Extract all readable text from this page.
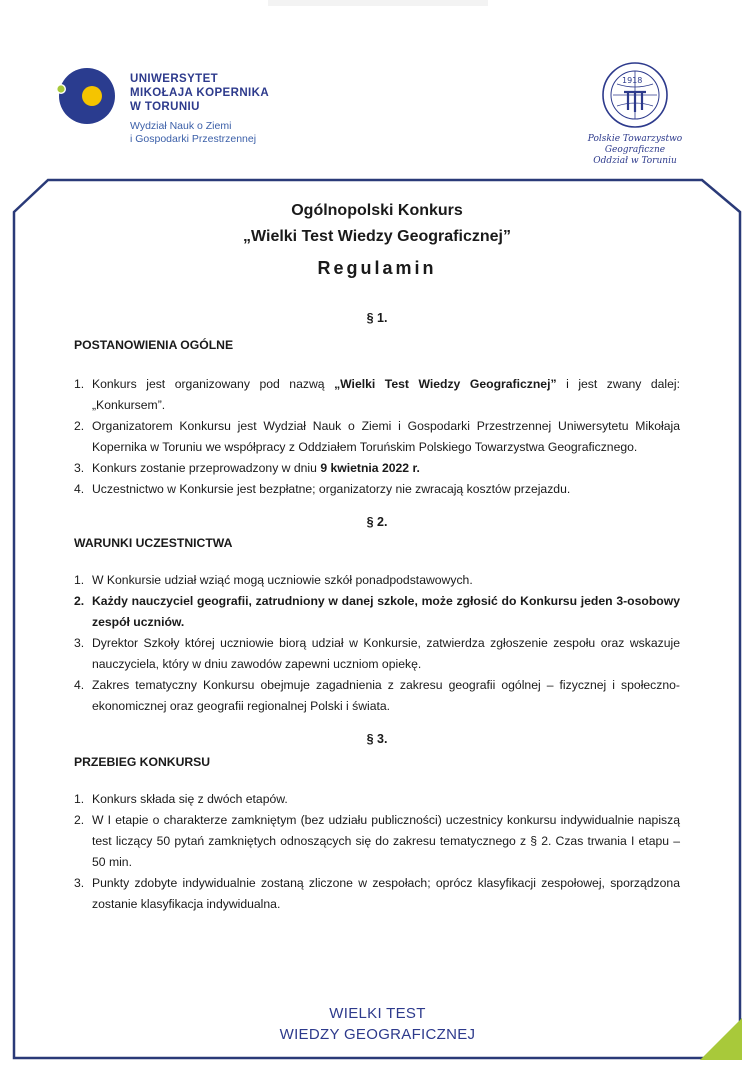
UNIWERSYTET
MIKOŁAJA KOPERNIKA
W TORUNIU
Wydział Nauk o Ziemi
i Gospodarki Przestrzennej
1918
Polskie Towarzystwo Geograficzne
Oddział w Toruniu
Ogólnopolski Konkurs
„Wielki Test Wiedzy Geograficznej”
Regulamin
§ 1.
POSTANOWIENIA OGÓLNE
1. Konkurs jest organizowany pod nazwą „Wielki Test Wiedzy Geograficznej” i jest zwany dalej: „Konkursem”.
2. Organizatorem Konkursu jest Wydział Nauk o Ziemi i Gospodarki Przestrzennej Uniwersytetu Mikołaja Kopernika w Toruniu we współpracy z Oddziałem Toruńskim Polskiego Towarzystwa Geograficznego.
3. Konkurs zostanie przeprowadzony w dniu 9 kwietnia 2022 r.
4. Uczestnictwo w Konkursie jest bezpłatne; organizatorzy nie zwracają kosztów przejazdu.
§ 2.
WARUNKI UCZESTNICTWA
1. W Konkursie udział wziąć mogą uczniowie szkół ponadpodstawowych.
2. Każdy nauczyciel geografii, zatrudniony w danej szkole, może zgłosić do Konkursu jeden 3-osobowy zespół uczniów.
3. Dyrektor Szkoły której uczniowie biorą udział w Konkursie, zatwierdza zgłoszenie zespołu oraz wskazuje nauczyciela, który w dniu zawodów zapewni uczniom opiekę.
4. Zakres tematyczny Konkursu obejmuje zagadnienia z zakresu geografii ogólnej – fizycznej i społeczno-ekonomicznej oraz geografii regionalnej Polski i świata.
§ 3.
PRZEBIEG KONKURSU
1. Konkurs składa się z dwóch etapów.
2. W I etapie o charakterze zamkniętym (bez udziału publiczności) uczestnicy konkursu indywidualnie napiszą test liczący 50 pytań zamkniętych odnoszących się do zakresu tematycznego z § 2. Czas trwania I etapu – 50 min.
3. Punkty zdobyte indywidualnie zostaną zliczone w zespołach; oprócz klasyfikacji zespołowej, sporządzona zostanie klasyfikacja indywidualna.
WIELKI TEST
WIEDZY GEOGRAFICZNEJ
